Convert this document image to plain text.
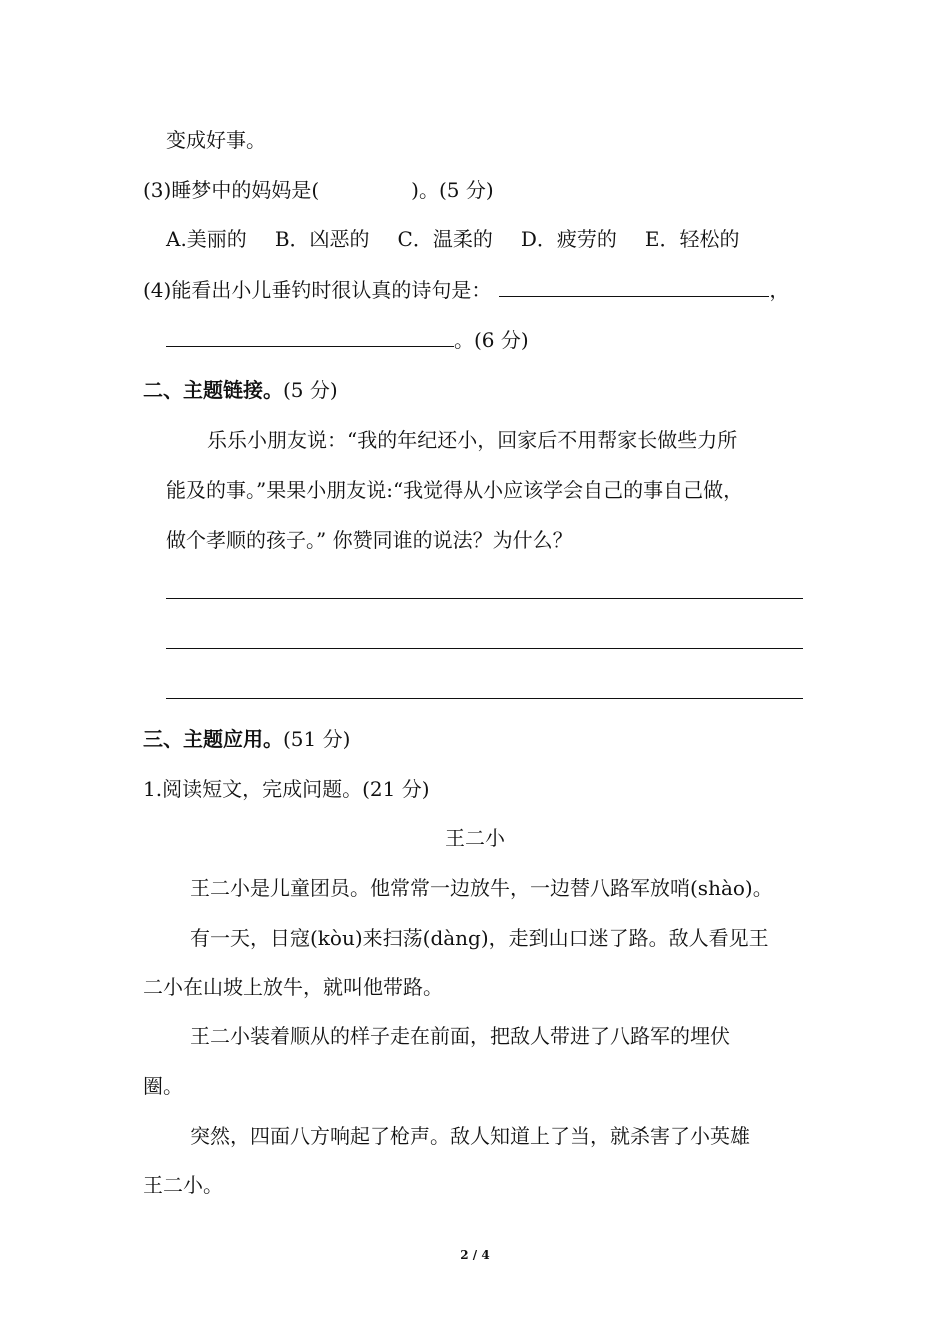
变成好事。
(3)睡梦中的妈妈是(	)。(5 分)
A.美丽的 B．凶恶的 C．温柔的 D．疲劳的 E．轻松的
(4)能看出小儿垂钓时很认真的诗句是：	，
。(6 分)
二、主题链接。(5 分)
乐乐小朋友说：“我的年纪还小，回家后不用帮家长做些力所
能及的事。”果果小朋友说:“我觉得从小应该学会自己的事自己做，
做个孝顺的孩子。” 你赞同谁的说法？为什么？
三、主题应用。(51 分)
1.阅读短文，完成问题。(21 分)
王二小
王二小是儿童团员。他常常一边放牛，一边替八路军放哨(shào)。
有一天，日寇(kòu)来扫荡(dàng)，走到山口迷了路。敌人看见王
二小在山坡上放牛，就叫他带路。
王二小装着顺从的样子走在前面，把敌人带进了八路军的埋伏
圈。
突然，四面八方响起了枪声。敌人知道上了当，就杀害了小英雄
王二小。
2 / 4
